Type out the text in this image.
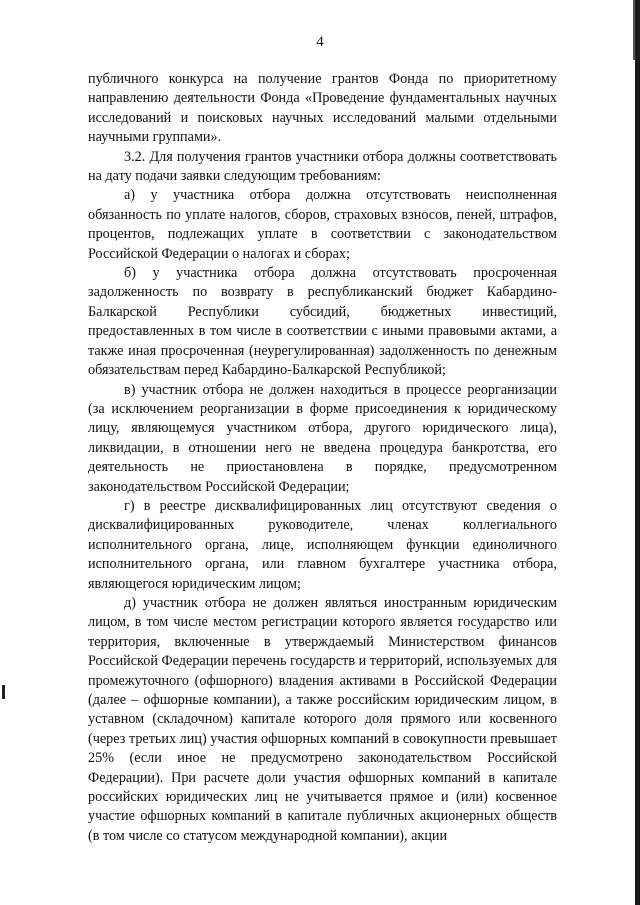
4

публичного конкурса на получение грантов Фонда по приоритетному направлению деятельности Фонда «Проведение фундаментальных научных исследований и поисковых научных исследований малыми отдельными научными группами».

3.2. Для получения грантов участники отбора должны соответствовать на дату подачи заявки следующим требованиям:

а) у участника отбора должна отсутствовать неисполненная обязанность по уплате налогов, сборов, страховых взносов, пеней, штрафов, процентов, подлежащих уплате в соответствии с законодательством Российской Федерации о налогах и сборах;

б) у участника отбора должна отсутствовать просроченная задолженность по возврату в республиканский бюджет Кабардино-Балкарской Республики субсидий, бюджетных инвестиций, предоставленных в том числе в соответствии с иными правовыми актами, а также иная просроченная (неурегулированная) задолженность по денежным обязательствам перед Кабардино-Балкарской Республикой;

в) участник отбора не должен находиться в процессе реорганизации (за исключением реорганизации в форме присоединения к юридическому лицу, являющемуся участником отбора, другого юридического лица), ликвидации, в отношении него не введена процедура банкротства, его деятельность не приостановлена в порядке, предусмотренном законодательством Российской Федерации;

г) в реестре дисквалифицированных лиц отсутствуют сведения о дисквалифицированных руководителе, членах коллегиального исполнительного органа, лице, исполняющем функции единоличного исполнительного органа, или главном бухгалтере участника отбора, являющегося юридическим лицом;

д) участник отбора не должен являться иностранным юридическим лицом, в том числе местом регистрации которого является государство или территория, включенные в утверждаемый Министерством финансов Российской Федерации перечень государств и территорий, используемых для промежуточного (офшорного) владения активами в Российской Федерации (далее – офшорные компании), а также российским юридическим лицом, в уставном (складочном) капитале которого доля прямого или косвенного (через третьих лиц) участия офшорных компаний в совокупности превышает 25% (если иное не предусмотрено законодательством Российской Федерации). При расчете доли участия офшорных компаний в капитале российских юридических лиц не учитывается прямое и (или) косвенное участие офшорных компаний в капитале публичных акционерных обществ (в том числе со статусом международной компании), акции
